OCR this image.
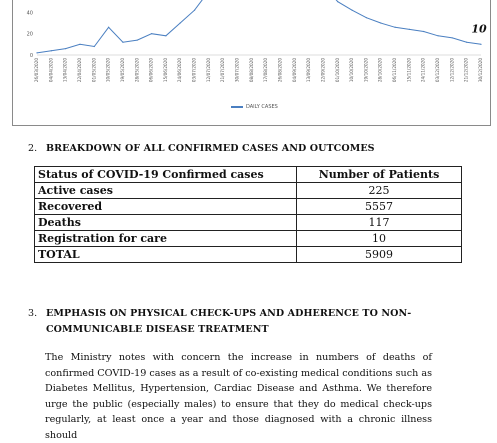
0
20
40
26/03/2020 04/04/2020 13/04/2020 22/04/2020 01/05/2020 10/05/2020 19/05/2020 28/05/2020 06/06/2020 15/06/2020 24/06/2020 03/07/2020 12/07/2020 21/07/2020 30/07/2020 08/08/2020 17/08/2020 26/08/2020 04/09/2020 13/09/2020 22/09/2020 01/10/2020 10/10/2020 19/10/2020 28/10/2020 06/11/2020 15/11/2020 24/11/2020 03/12/2020 12/12/2020 21/12/2020 30/12/2020
10
DAILY CASES
2. BREAKDOWN OF ALL CONFIRMED CASES AND OUTCOMES
Status of COVID-19 Confirmed cases	Number of Patients
Active cases	225
Recovered	5557
Deaths	117
Registration for care	10
TOTAL	5909
3. EMPHASIS ON PHYSICAL CHECK-UPS AND ADHERENCE TO NON-
COMMUNICABLE DISEASE TREATMENT
The Ministry notes with concern the increase in numbers of deaths of confirmed COVID-19 cases as a result of co-existing medical conditions such as Diabetes Mellitus, Hypertension, Cardiac Disease and Asthma. We therefore urge the public (especially males) to ensure that they do medical check-ups regularly, at least once a year and those diagnosed with a chronic illness should
